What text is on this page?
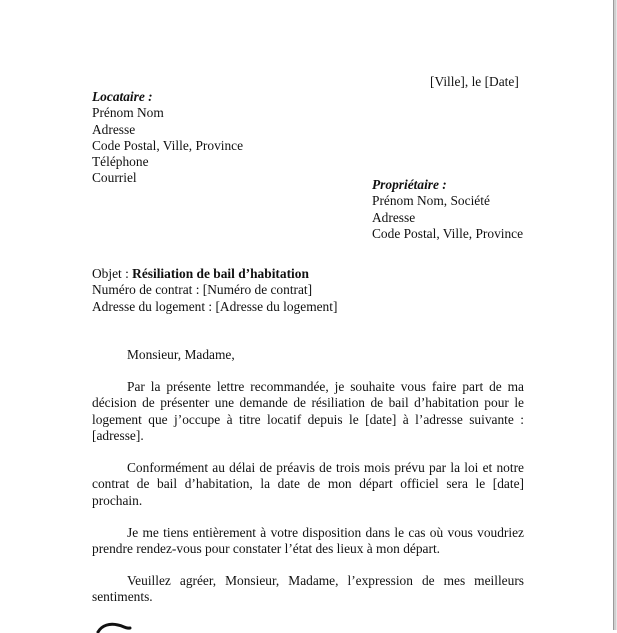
[Ville], le [Date]
Locataire :
Prénom Nom
Adresse
Code Postal, Ville, Province
Téléphone
Courriel	Propriétaire :
Prénom Nom, Société
Adresse
Code Postal, Ville, Province
Objet : Résiliation de bail d’habitation
Numéro de contrat : [Numéro de contrat]
Adresse du logement : [Adresse du logement]
Monsieur, Madame,
Par la présente lettre recommandée, je souhaite vous faire part de ma décision de présenter une demande de résiliation de bail d’habitation pour le logement que j’occupe à titre locatif depuis le [date] à l’adresse suivante : [adresse].
Conformément au délai de préavis de trois mois prévu par la loi et notre contrat de bail d’habitation, la date de mon départ officiel sera le [date] prochain.
Je me tiens entièrement à votre disposition dans le cas où vous voudriez prendre rendez-vous pour constater l’état des lieux à mon départ.
Veuillez agréer, Monsieur, Madame, l’expression de mes meilleurs sentiments.
